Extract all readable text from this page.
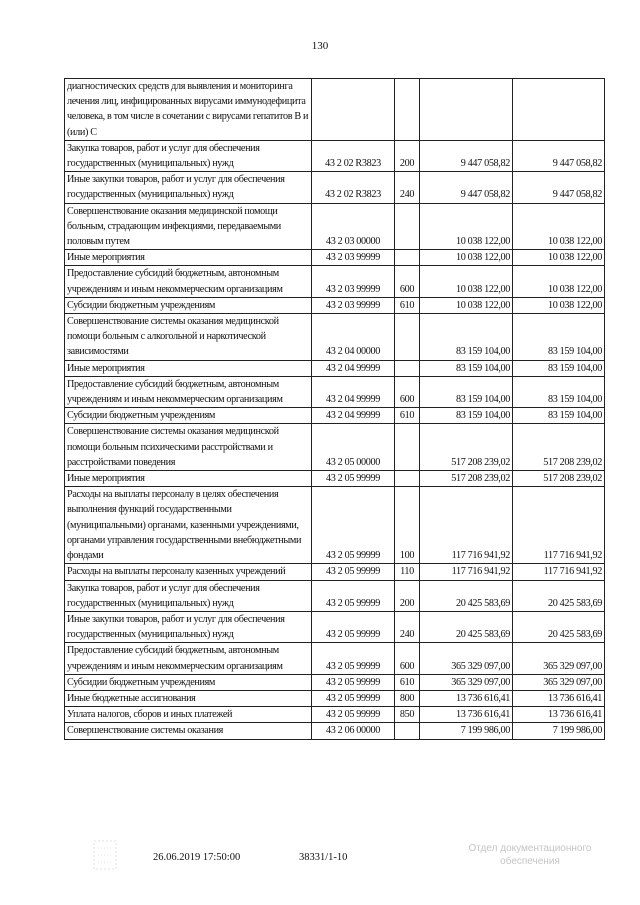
130
диагностических средств для выявления и мониторинга лечения лиц, инфицированных вирусами иммунодефицита человека, в том числе в сочетании с вирусами гепатитов В и (или) С				
Закупка товаров, работ и услуг для обеспечения государственных (муниципальных) нужд	43 2 02 R3823	200	9 447 058,82	9 447 058,82
Иные закупки товаров, работ и услуг для обеспечения государственных (муниципальных) нужд	43 2 02 R3823	240	9 447 058,82	9 447 058,82
Совершенствование оказания медицинской помощи больным, страдающим инфекциями, передаваемыми половым путем	43 2 03 00000		10 038 122,00	10 038 122,00
Иные мероприятия	43 2 03 99999		10 038 122,00	10 038 122,00
Предоставление субсидий бюджетным, автономным учреждениям и иным некоммерческим организациям	43 2 03 99999	600	10 038 122,00	10 038 122,00
Субсидии бюджетным учреждениям	43 2 03 99999	610	10 038 122,00	10 038 122,00
Совершенствование системы оказания медицинской помощи больным с алкогольной и наркотической зависимостями	43 2 04 00000		83 159 104,00	83 159 104,00
Иные мероприятия	43 2 04 99999		83 159 104,00	83 159 104,00
Предоставление субсидий бюджетным, автономным учреждениям и иным некоммерческим организациям	43 2 04 99999	600	83 159 104,00	83 159 104,00
Субсидии бюджетным учреждениям	43 2 04 99999	610	83 159 104,00	83 159 104,00
Совершенствование системы оказания медицинской помощи больным психическими расстройствами и расстройствами поведения	43 2 05 00000		517 208 239,02	517 208 239,02
Иные мероприятия	43 2 05 99999		517 208 239,02	517 208 239,02
Расходы на выплаты персоналу в целях обеспечения выполнения функций государственными (муниципальными) органами, казенными учреждениями, органами управления государственными внебюджетными фондами	43 2 05 99999	100	117 716 941,92	117 716 941,92
Расходы на выплаты персоналу казенных учреждений	43 2 05 99999	110	117 716 941,92	117 716 941,92
Закупка товаров, работ и услуг для обеспечения государственных (муниципальных) нужд	43 2 05 99999	200	20 425 583,69	20 425 583,69
Иные закупки товаров, работ и услуг для обеспечения государственных (муниципальных) нужд	43 2 05 99999	240	20 425 583,69	20 425 583,69
Предоставление субсидий бюджетным, автономным учреждениям и иным некоммерческим организациям	43 2 05 99999	600	365 329 097,00	365 329 097,00
Субсидии бюджетным учреждениям	43 2 05 99999	610	365 329 097,00	365 329 097,00
Иные бюджетные ассигнования	43 2 05 99999	800	13 736 616,41	13 736 616,41
Уплата налогов, сборов и иных платежей	43 2 05 99999	850	13 736 616,41	13 736 616,41
Совершенствование системы оказания	43 2 06 00000		7 199 986,00	7 199 986,00
26.06.2019 17:50:00	38331/1-10
Отдел документационного
обеспечения
